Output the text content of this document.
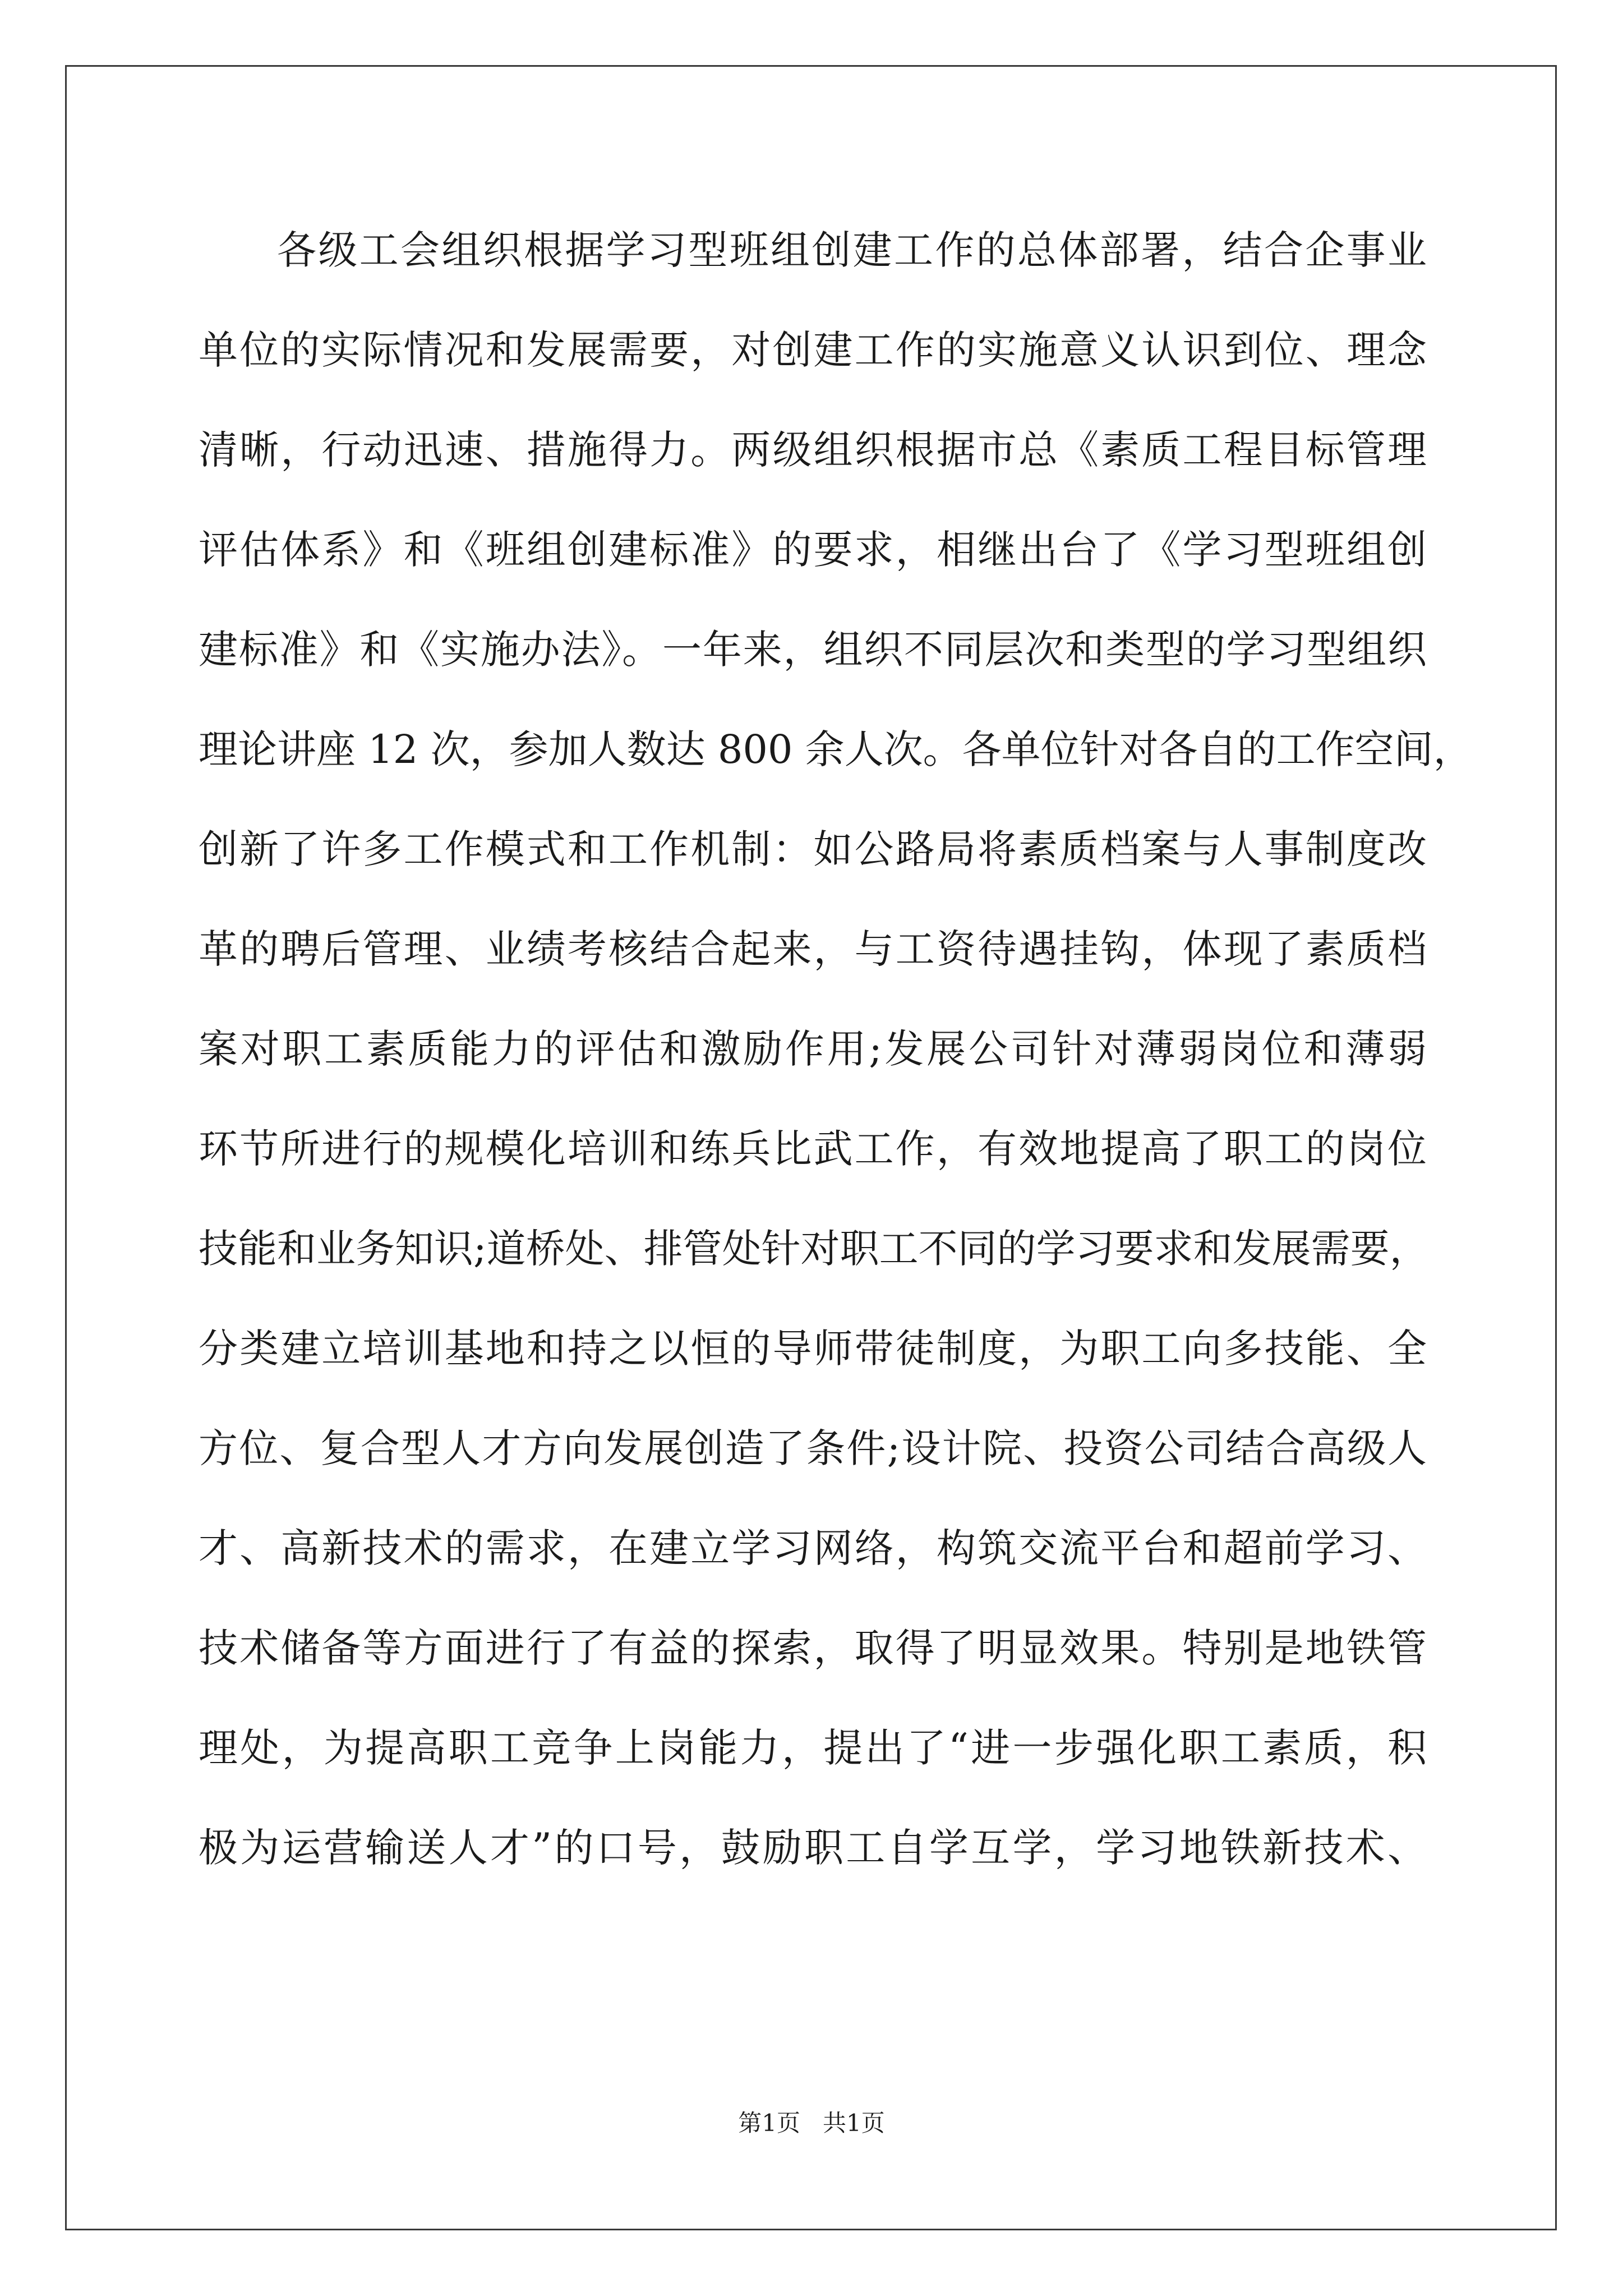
各级工会组织根据学习型班组创建工作的总体部署，结合企事业
单位的实际情况和发展需要，对创建工作的实施意义认识到位、理念
清晰，行动迅速、措施得力。两级组织根据市总《素质工程目标管理
评估体系》和《班组创建标准》的要求，相继出台了《学习型班组创
建标准》和《实施办法》。一年来，组织不同层次和类型的学习型组织
理论讲座 12 次，参加人数达 800 余人次。各单位针对各自的工作空间，
创新了许多工作模式和工作机制：如公路局将素质档案与人事制度改
革的聘后管理、业绩考核结合起来，与工资待遇挂钩，体现了素质档
案对职工素质能力的评估和激励作用;发展公司针对薄弱岗位和薄弱
环节所进行的规模化培训和练兵比武工作，有效地提高了职工的岗位
技能和业务知识;道桥处、排管处针对职工不同的学习要求和发展需要，
分类建立培训基地和持之以恒的导师带徒制度，为职工向多技能、全
方位、复合型人才方向发展创造了条件;设计院、投资公司结合高级人
才、高新技术的需求，在建立学习网络，构筑交流平台和超前学习、
技术储备等方面进行了有益的探索，取得了明显效果。特别是地铁管
理处，为提高职工竞争上岗能力，提出了“进一步强化职工素质，积
极为运营输送人才”的口号，鼓励职工自学互学，学习地铁新技术、
第1页   共1页
